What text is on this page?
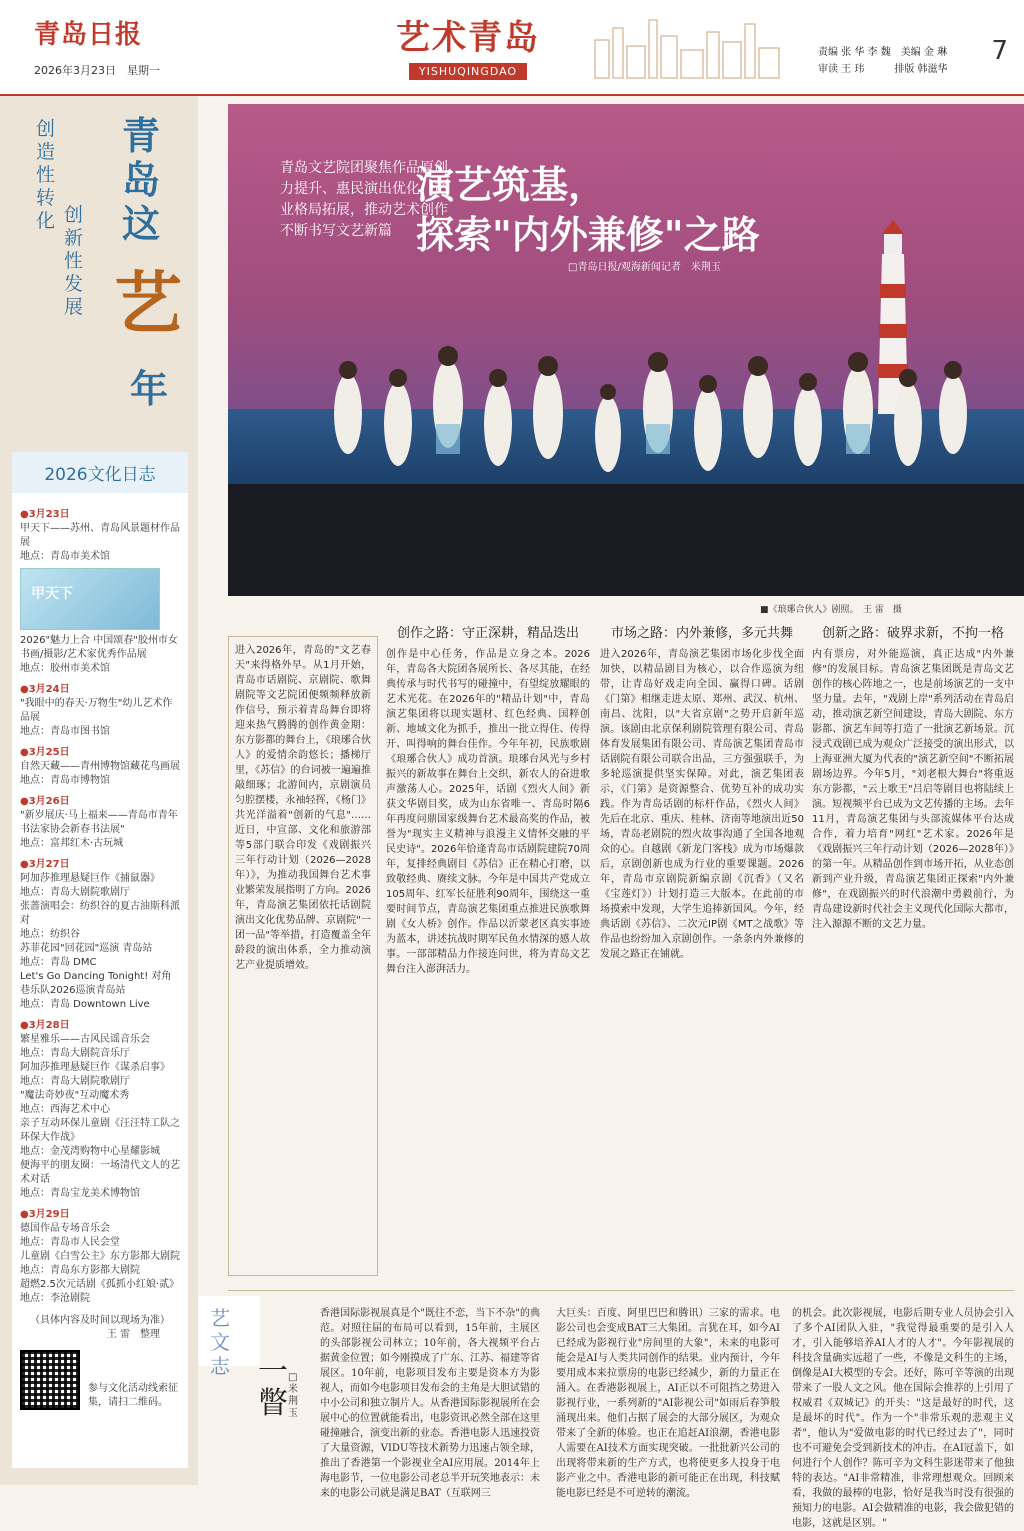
青岛日报
2026年3月23日　星期一
艺术青岛
YISHUQINGDAO
责编 张 华 李 魏　美编 金 琳
审读 王 玮　　　排版 韩滋华
7
创造性转化 创新性发展
青岛这
艺
年
2026文化日志
●3月23日
甲天下——苏州、青岛风景题材作品展
地点：青岛市美术馆
甲天下
2026"魅力上合 中国颂春"胶州市女书画/摄影/艺术家优秀作品展
地点：胶州市美术馆
●3月24日
"我眼中的春天·万物生"幼儿艺术作品展
地点：青岛市图书馆
●3月25日
自然天藏——青州博物馆藏花鸟画展
地点：青岛市博物馆
●3月26日
"新岁展庆·马上福来——青岛市青年书法家协会新春书法展"
地点：富邦红木·古玩城
●3月27日
阿加莎推理悬疑巨作《捕鼠器》
地点：青岛大剧院歌剧厅
张蔷演唱会：纺织谷的夏古油斯科派对
地点：纺织谷
苏菲花园"回花园"巡演 青岛站
地点：青岛 DMC
Let's Go Dancing Tonight! 对角巷乐队2026巡演青岛站
地点：青岛 Downtown Live
●3月28日
繁星雅乐——古风民谣音乐会
地点：青岛大剧院音乐厅
阿加莎推理悬疑巨作《谋杀启事》
地点：青岛大剧院歌剧厅
"魔法奇妙夜"互动魔术秀
地点：西海艺术中心
亲子互动环保儿童剧《汪汪特工队之环保大作战》
地点：金茂湾购物中心星耀影城
便海平的朋友圈：一场清代文人的艺术对话
地点：青岛宝龙美术博物馆
●3月29日
德国作品专场音乐会
地点：青岛市人民会堂
儿童剧《白雪公主》东方影都大剧院
地点：青岛东方影都大剧院
超燃2.5次元话剧《孤抓小红娘·贰》
地点：李沧剧院
（具体内容及时间以现场为准）
王 雷　整理
参与文化活动线索征集，请扫二维码。
青岛文艺院团聚焦作品原创力提升、惠民演出优化、产业格局拓展，推动艺术创作不断书写文艺新篇
演艺筑基，
探索"内外兼修"之路
□青岛日报/观海新闻记者　米荆玉
■《琅琊合伙人》剧照。　王 雷　摄
进入2026年，青岛的"文艺春天"来得格外早。从1月开始，青岛市话剧院、京剧院、歌舞剧院等文艺院团便频频释放新作信号，预示着青岛舞台即将迎来热气腾腾的创作黄金期：东方影都的舞台上，《琅琊合伙人》的爱情余韵悠长；播梯厅里，《苏信》的台词被一遍遍推敲细琢；北游间内，京剧演员匀腔摆楼，永袖轻挥，《杨门》共光洋溢着"创新的气息"……近日，中宣部、文化和旅游部等5部门联合印发《戏剧振兴三年行动计划（2026—2028年）》，为推动我国舞台艺术事业繁荣发展指明了方向。2026年，青岛演艺集团依托话剧院演出文化优势品牌、京剧院"一团一品"等举措，打造覆盖全年龄段的演出体系，全力推动演艺产业提质增效。
创作之路：守正深耕，精品迭出
创作是中心任务，作品是立身之本。2026年，青岛各大院团各展所长、各尽其能，在经典传承与时代书写的碰撞中，有望绽放耀眼的艺术光花。在2026年的"精品计划"中，青岛演艺集团将以现实题材、红色经典、国粹创新、地域文化为抓手，推出一批立得住、传得开、叫得响的舞台佳作。今年年初，民族歌剧《琅琊合伙人》成功首演。琅琊台风光与乡村振兴的新故事在舞台上交织，新农人的奋进歌声激荡人心。2025年，话剧《烈火人间》新获文华剧目奖，成为山东省唯一、青岛时隔6年再度问鼎国家级舞台艺术最高奖的作品，被誉为"现实主义精神与浪漫主义情怀交融的平民史诗"。2026年恰逢青岛市话剧院建院70周年，复排经典剧目《苏信》正在精心打磨，以致敬经典、赓续文脉。今年是中国共产党成立105周年、红军长征胜利90周年，围绕这一重要时间节点，青岛演艺集团重点推进民族歌舞剧《女人桥》创作。作品以沂蒙老区真实事迹为蓝本，讲述抗战时期军民鱼水情深的感人故事。一部部精品力作接连问世，将为青岛文艺舞台注入澎湃活力。
市场之路：内外兼修，多元共舞
进入2026年，青岛演艺集团市场化步伐全面加快，以精品剧目为核心，以合作巡演为纽带，让青岛好戏走向全国、赢得口碑。话剧《门第》相继走进太原、郑州、武汉、杭州、南昌、沈阳，以"大省京剧"之势开启新年巡演。该剧由北京保利剧院管理有限公司、青岛体育发展集团有限公司、青岛演艺集团青岛市话剧院有限公司联合出品，三方强强联手，为多轮巡演提供坚实保障。对此，演艺集团表示，《门第》是资源整合、优势互补的成功实践。作为青岛话剧的标杆作品，《烈火人间》先后在北京、重庆、桂林、济南等地演出近50场，青岛老剧院的烈火故事沟通了全国各地观众的心。自越剧《新龙门客栈》成为市场爆款后，京剧创新也成为行业的重要课题。2026年，青岛市京剧院新编京剧《沉香》（又名《宝莲灯》）计划打造三大版本。在此前的市场摸索中发现，大学生追捧新国风。今年，经典话剧《苏信》、二次元IP剧《MT之战歌》等作品也纷纷加入京剧创作。一条条内外兼修的发展之路正在铺就。
创新之路：破界求新，不拘一格
内有票房，对外能巡演，真正达成"内外兼修"的发展目标。青岛演艺集团既是青岛文艺创作的核心阵地之一，也是前场演艺的一支中坚力量。去年，"戏剧上岸"系列活动在青岛启动，推动演艺新空间建设，青岛大剧院、东方影都、演艺车间等打造了一批演艺新场景。沉浸式戏剧已成为观众广泛接受的演出形式，以上海亚洲大厦为代表的"演艺新空间"不断拓展剧场边界。今年5月，"刘老根大舞台"将重返东方影都，"云上歌王"吕启等剧目也将陆续上演。短视频平台已成为文艺传播的主场。去年11月，青岛演艺集团与头部流媒体平台达成合作，着力培育"网红"艺术家。2026年是《戏剧振兴三年行动计划（2026—2028年）》的第一年。从精品创作到市场开拓，从业态创新到产业升级，青岛演艺集团正探索"内外兼修"，在戏剧振兴的时代浪潮中勇毅前行，为青岛建设新时代社会主义现代化国际大都市，注入源源不断的文艺力量。
艺文志 一瞥
□米荆玉
香港国际影视展真是个"既往不恋，当下不杂"的典范。对照往届的布局可以看到，15年前，主展区的头部影视公司林立；10年前，各大视频平台占据黄金位置；如今刚摸成了广东、江苏、福建等省展区。10年前，电影项目发布主要是资本方为影视人，而如今电影项目发布会的主角是大胆试错的中小公司和独立制片人。从香港国际影视展所在会展中心的位置就能看出，电影资讯必然全部在这里碰撞融合，演变出新的业态。香港电影人迅速投资了大量资源，VIDU等技术新势力迅速占领全球，推出了香港第一个影视业全AI应用展。2014年上海电影节，一位电影公司老总半开玩笑地表示：未来的电影公司就是满足BAT（互联网三
大巨头：百度、阿里巴巴和腾讯）三家的需求。电影公司也会变成BAT三大集团。言犹在耳，如今AI已经成为影视行业"房间里的大象"，未来的电影可能会是AI与人类共同创作的结果。业内预计，今年要用成本来拉票房的电影已经减少，新的力量正在涌入。在香港影视展上，AI正以不可阻挡之势进入影视行业，一系列新的"AI影视公司"如雨后春笋般涌现出来。他们占据了展会的大部分展区，为观众带来了全新的体验。也正在追赶AI浪潮，香港电影人需要在AI技术方面实现突破。一批批新兴公司的出现将带来新的生产方式，也将使更多人投身于电影产业之中。香港电影的新可能正在出现，科技赋能电影已经是不可逆转的潮流。
的机会。此次影视展，电影后期专业人员协会引入了多个AI团队入驻，"我觉得最重要的是引入人才，引入能够培养AI人才的人才"。今年影视展的科技含量确实远超了一些，不像是文科生的主场，倒像是AI大模型的专会。还好，陈可辛等演的出现带来了一股人文之风。他在国际会推荐的上引用了权威君《双城记》的开头："这是最好的时代，这是最坏的时代"。作为一个"非常乐观的悲观主义者"，他认为"爱做电影的时代已经过去了"，同时也不可避免会受到新技术的冲击。在AI冠盖下，如何进行个人创作？陈可辛为文科生影迷带来了他独特的表达。"AI非常精准，非常理想观众。回顾来看，我做的最棒的电影，恰好是我当时没有很强的预知力的电影。AI会做精准的电影，我会做犯错的电影，这就是区别。"
